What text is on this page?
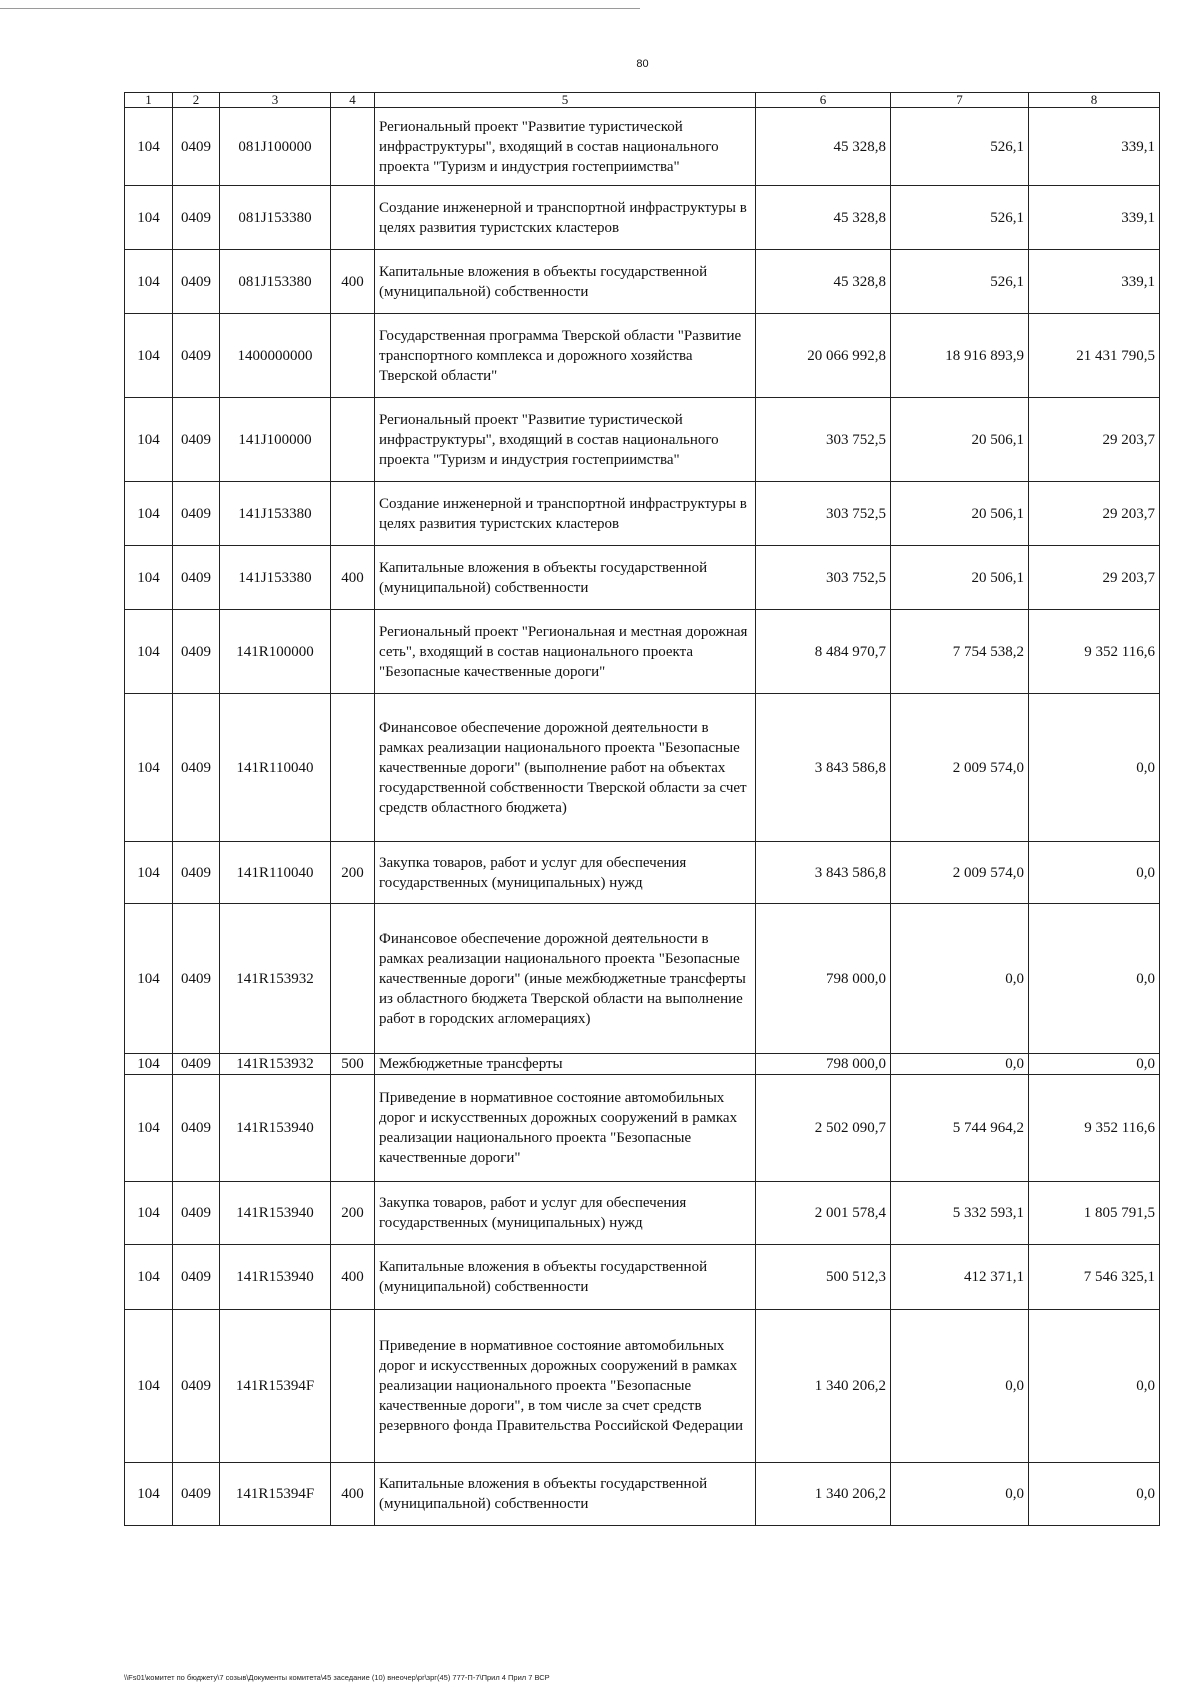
80
1	2	3	4	5	6	7	8
104	0409	081J100000		Региональный проект "Развитие туристической инфраструктуры", входящий в состав национального проекта "Туризм и индустрия гостеприимства"	45 328,8	526,1	339,1
104	0409	081J153380		Создание инженерной и транспортной инфраструктуры в целях развития туристских кластеров	45 328,8	526,1	339,1
104	0409	081J153380	400	Капитальные вложения в объекты государственной (муниципальной) собственности	45 328,8	526,1	339,1
104	0409	1400000000		Государственная программа Тверской области "Развитие транспортного комплекса и дорожного хозяйства Тверской области"	20 066 992,8	18 916 893,9	21 431 790,5
104	0409	141J100000		Региональный проект "Развитие туристической инфраструктуры", входящий в состав национального проекта "Туризм и индустрия гостеприимства"	303 752,5	20 506,1	29 203,7
104	0409	141J153380		Создание инженерной и транспортной инфраструктуры в целях развития туристских кластеров	303 752,5	20 506,1	29 203,7
104	0409	141J153380	400	Капитальные вложения в объекты государственной (муниципальной) собственности	303 752,5	20 506,1	29 203,7
104	0409	141R100000		Региональный проект "Региональная и местная дорожная сеть", входящий в состав национального проекта "Безопасные качественные дороги"	8 484 970,7	7 754 538,2	9 352 116,6
104	0409	141R110040		Финансовое обеспечение дорожной деятельности в рамках реализации национального проекта "Безопасные качественные дороги" (выполнение работ на объектах государственной собственности Тверской области за счет средств областного бюджета)	3 843 586,8	2 009 574,0	0,0
104	0409	141R110040	200	Закупка товаров, работ и услуг для обеспечения государственных (муниципальных) нужд	3 843 586,8	2 009 574,0	0,0
104	0409	141R153932		Финансовое обеспечение дорожной деятельности в рамках реализации национального проекта "Безопасные качественные дороги" (иные межбюджетные трансферты из областного бюджета Тверской области на выполнение работ в городских агломерациях)	798 000,0	0,0	0,0
104	0409	141R153932	500	Межбюджетные трансферты	798 000,0	0,0	0,0
104	0409	141R153940		Приведение в нормативное состояние автомобильных дорог и искусственных дорожных сооружений в рамках реализации национального проекта "Безопасные качественные дороги"	2 502 090,7	5 744 964,2	9 352 116,6
104	0409	141R153940	200	Закупка товаров, работ и услуг для обеспечения государственных (муниципальных) нужд	2 001 578,4	5 332 593,1	1 805 791,5
104	0409	141R153940	400	Капитальные вложения в объекты государственной (муниципальной) собственности	500 512,3	412 371,1	7 546 325,1
104	0409	141R15394F		Приведение в нормативное состояние автомобильных дорог и искусственных дорожных сооружений в рамках реализации национального проекта "Безопасные качественные дороги", в том числе за счет средств резервного фонда Правительства Российской Федерации	1 340 206,2	0,0	0,0
104	0409	141R15394F	400	Капитальные вложения в объекты государственной (муниципальной) собственности	1 340 206,2	0,0	0,0
\\Fs01\комитет по бюджету\7 созыв\Документы комитета\45 заседание (10) внеочер\pr\зрг(45) 777-П-7\Прил 4 Прил 7 ВСР
